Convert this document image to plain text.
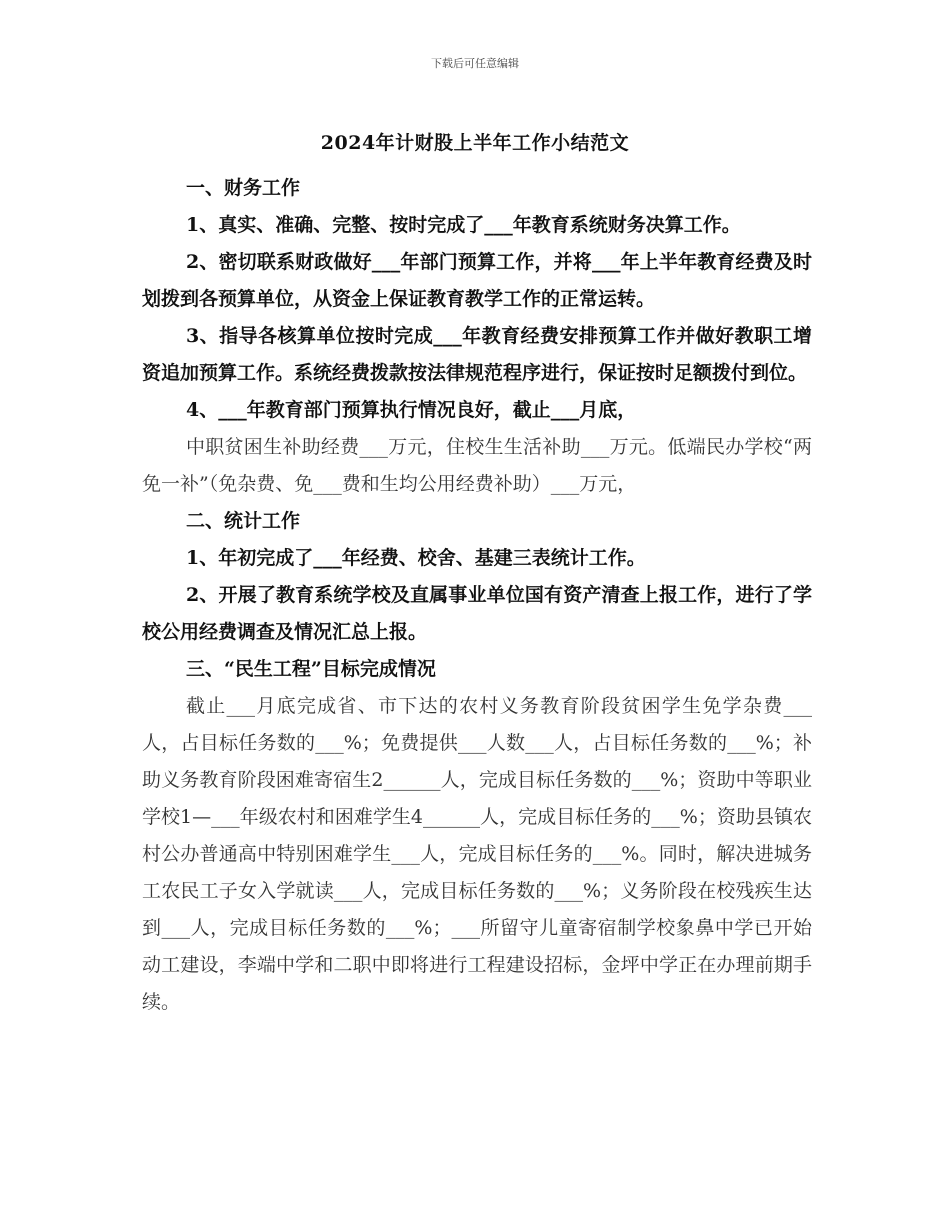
下载后可任意编辑
2024年计财股上半年工作小结范文

一、财务工作

1、真实、准确、完整、按时完成了___年教育系统财务决算工作。

2、密切联系财政做好___年部门预算工作，并将___年上半年教育经费及时划拨到各预算单位，从资金上保证教育教学工作的正常运转。

3、指导各核算单位按时完成___年教育经费安排预算工作并做好教职工增资追加预算工作。系统经费拨款按法律规范程序进行，保证按时足额拨付到位。

4、___年教育部门预算执行情况良好，截止___月底，

中职贫困生补助经费___万元，住校生生活补助___万元。低端民办学校“两免一补”（免杂费、免___费和生均公用经费补助）___万元，

二、统计工作

1、年初完成了___年经费、校舍、基建三表统计工作。

2、开展了教育系统学校及直属事业单位国有资产清查上报工作，进行了学校公用经费调查及情况汇总上报。

三、“民生工程”目标完成情况

截止___月底完成省、市下达的农村义务教育阶段贫困学生免学杂费___人，占目标任务数的___%；免费提供___人数___人，占目标任务数的___%；补助义务教育阶段困难寄宿生2______人，完成目标任务数的___%；资助中等职业学校1—___年级农村和困难学生4______人，完成目标任务的___%；资助县镇农村公办普通高中特别困难学生___人，完成目标任务的___%。同时，解决进城务工农民工子女入学就读___人，完成目标任务数的___%；义务阶段在校残疾生达到___人，完成目标任务数的___%；___所留守儿童寄宿制学校象鼻中学已开始动工建设，李端中学和二职中即将进行工程建设招标，金坪中学正在办理前期手续。
